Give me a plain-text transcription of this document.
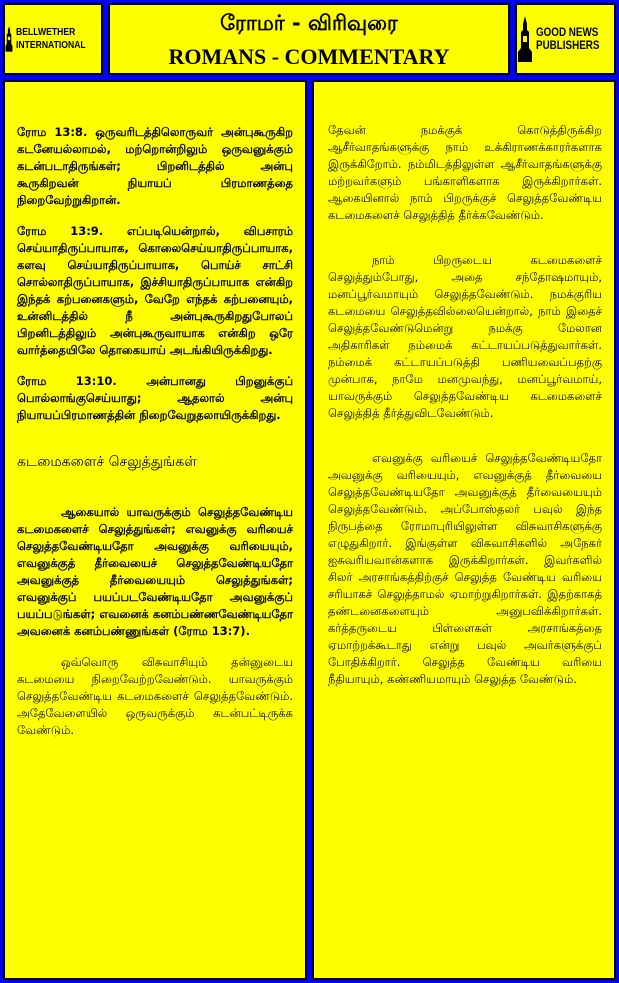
BELLWETHER
INTERNATIONAL
ரோமர் - விரிவுரை
ROMANS - COMMENTARY
GOOD NEWS
PUBLISHERS

ரோம 13:8. ஒருவரிடத்திலொருவர் அன்புகூருகிற கடனேயல்லாமல், மற்றொன்றிலும் ஒருவனுக்கும் கடன்படாதிருங்கள்; பிறனிடத்தில் அன்பு கூருகிறவன் நியாயப் பிரமாணத்தை நிறைவேற்றுகிறான்.

ரோம 13:9. எப்படியென்றால், விபசாரம் செய்யாதிருப்பாயாக, கொலைசெய்யாதிருப்பாயாக, களவு செய்யாதிருப்பாயாக, பொய்ச் சாட்சி சொல்லாதிருப்பாயாக, இச்சியாதிருப்பாயாக என்கிற இந்தக் கற்பனைகளும், வேறே எந்தக் கற்பனையும், உன்னிடத்தில் நீ அன்புகூருகிறதுபோலப் பிறனிடத்திலும் அன்புகூருவாயாக என்கிற ஒரே வார்த்தையிலே தொகையாய் அடங்கியிருக்கிறது.

ரோம 13:10. அன்பானது பிறனுக்குப் பொல்லாங்குசெய்யாது; ஆதலால் அன்பு நியாயப்பிரமாணத்தின் நிறைவேறுதலாயிருக்கிறது.

கடமைகளைச் செலுத்துங்கள்

ஆகையால் யாவருக்கும் செலுத்தவேண்டிய கடமைகளைச் செலுத்துங்கள்; எவனுக்கு வரியைச் செலுத்தவேண்டியதோ அவனுக்கு வரியையும், எவனுக்குத் தீர்வையைச் செலுத்தவேண்டியதோ அவனுக்குத் தீர்வையையும் செலுத்துங்கள்; எவனுக்குப் பயப்படவேண்டியதோ அவனுக்குப் பயப்படுங்கள்; எவனைக் கனம்பண்ணவேண்டியதோ அவனைக் கனம்பண்ணுங்கள் (ரோம 13:7).

ஒவ்வொரு விசுவாசியும் தன்னுடைய கடமையை நிறைவேற்றவேண்டும். யாவருக்கும் செலுத்தவேண்டிய கடமைகளைச் செலுத்தவேண்டும். அதேவேளையில் ஒருவருக்கும் கடன்பட்டிருக்க வேண்டும்.

தேவன் நமக்குக் கொடுத்திருக்கிற ஆசீர்வாதங்களுக்கு நாம் உக்கிராணக்காரர்களாக இருக்கிறோம். நம்மிடத்திலுள்ள ஆசீர்வாதங்களுக்கு மற்றவர்களும் பங்காளிகளாக இருக்கிறார்கள். ஆகையினால் நாம் பிறருக்குச் செலுத்தவேண்டிய கடமைகளைச் செலுத்தித் தீர்க்கவேண்டும்.

நாம் பிறருடைய கடமைகளைச் செலுத்தும்போது, அதை சந்தோஷமாயும், மனப்பூர்வமாயும் செலுத்தவேண்டும். நமக்குரிய கடமையை செலுத்தவில்லையென்றால், நாம் இதைச் செலுத்தவேண்டுமென்று நமக்கு மேலான அதிகாரிகள் நம்மைக் கட்டாயப்படுத்துவார்கள். நம்மைக் கட்டாயப்படுத்தி பணியவைப்பதற்கு முன்பாக, நாமே மனமுவந்து, மனப்பூர்வமாய், யாவருக்கும் செலுத்தவேண்டிய கடமைகளைச் செலுத்தித் தீர்த்துவிடவேண்டும்.

எவனுக்கு வரியைச் செலுத்தவேண்டியதோ அவனுக்கு வரியையும், எவனுக்குத் தீர்வையை செலுத்தவேண்டியதோ அவனுக்குத் தீர்வையையும் செலுத்தவேண்டும். அப்போஸ்தலர் பவுல் இந்த நிருபத்தை ரோமாபுரியிலுள்ள விசுவாசிகளுக்கு எழுதுகிறார். இங்குள்ள விசுவாசிகளில் அநேகர் ஐசுவரியவான்களாக இருக்கிறார்கள். இவர்களில் சிலர் அரசாங்கத்திற்குச் செலுத்த வேண்டிய வரியை சரியாகச் செலுத்தாமல் ஏமாற்றுகிறார்கள். இதற்காகத் தண்டனைகளையும் அனுபவிக்கிறார்கள். கர்த்தருடைய பிள்ளைகள் அரசாங்கத்தை ஏமாற்றக்கூடாது என்று பவுல் அவர்களுக்குப் போதிக்கிறார். செலுத்த வேண்டிய வரியை நீதியாயும், கண்ணியமாயும் செலுத்த வேண்டும்.
